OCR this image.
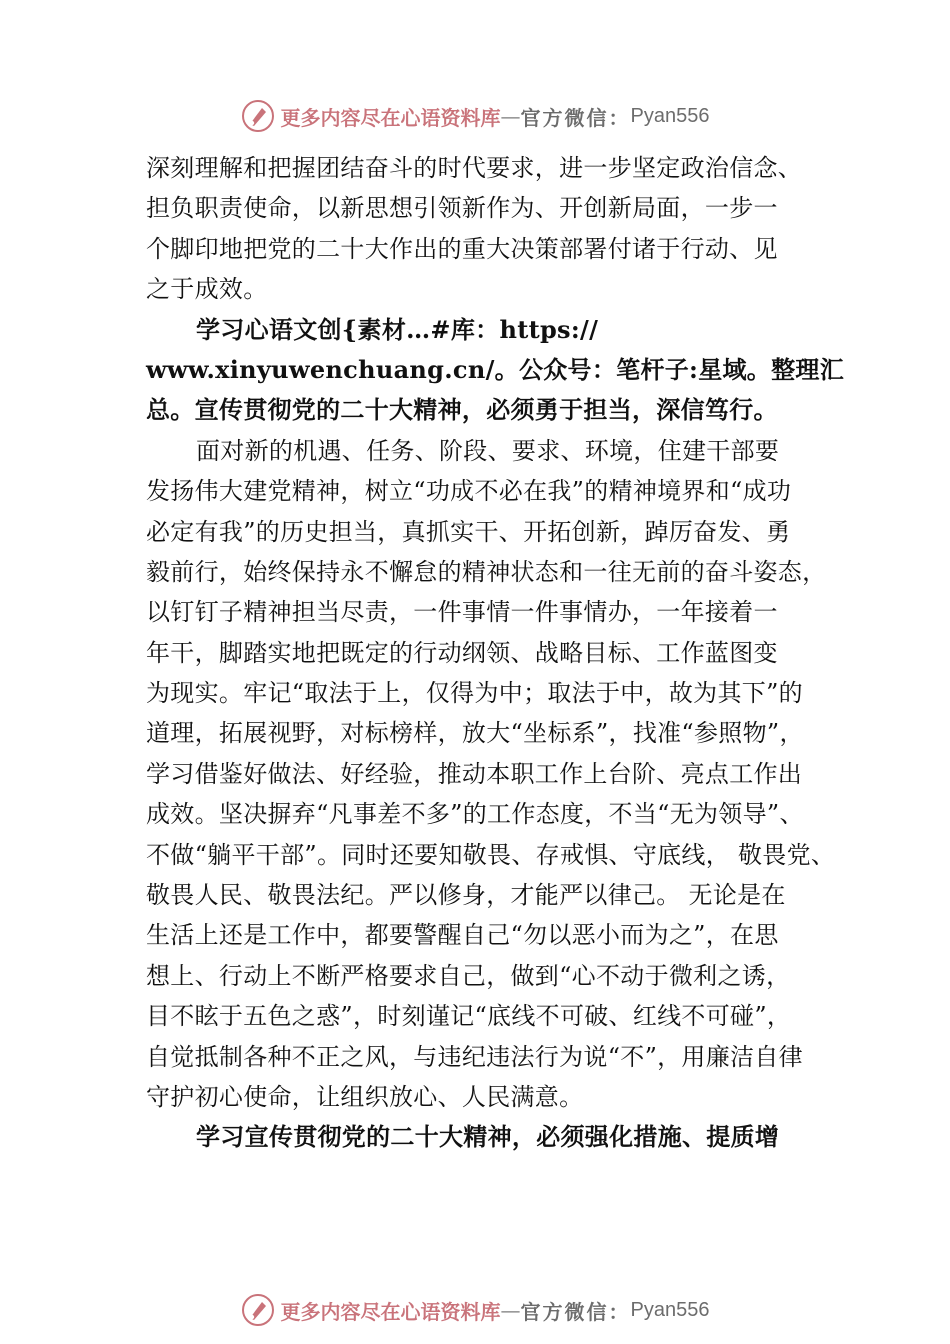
更多内容尽在心语资料库 — 官方微信： Pyan556
深刻理解和把握团结奋斗的时代要求，进一步坚定政治信念、
担负职责使命，以新思想引领新作为、开创新局面，一步一
个脚印地把党的二十大作出的重大决策部署付诸于行动、见
之于成效。
学习心语文创{素材…#库：https://
www.xinyuwenchuang.cn/。公众号：笔杆子:星域。整理汇
总。宣传贯彻党的二十大精神，必须勇于担当，深信笃行。
面对新的机遇、任务、阶段、要求、环境，住建干部要
发扬伟大建党精神，树立“功成不必在我”的精神境界和“成功
必定有我”的历史担当，真抓实干、开拓创新，踔厉奋发、勇
毅前行，始终保持永不懈怠的精神状态和一往无前的奋斗姿态，
以钉钉子精神担当尽责，一件事情一件事情办，一年接着一
年干，脚踏实地把既定的行动纲领、战略目标、工作蓝图变
为现实。牢记“取法于上，仅得为中；取法于中，故为其下”的
道理，拓展视野，对标榜样，放大“坐标系”，找准“参照物”，
学习借鉴好做法、好经验，推动本职工作上台阶、亮点工作出
成效。坚决摒弃“凡事差不多”的工作态度，不当“无为领导”、
不做“躺平干部”。同时还要知敬畏、存戒惧、守底线， 敬畏党、
敬畏人民、敬畏法纪。严以修身，才能严以律己。 无论是在
生活上还是工作中，都要警醒自己“勿以恶小而为之”，在思
想上、行动上不断严格要求自己，做到“心不动于微利之诱，
目不眩于五色之惑”，时刻谨记“底线不可破、红线不可碰”，
自觉抵制各种不正之风，与违纪违法行为说“不”，用廉洁自律
守护初心使命，让组织放心、人民满意。
学习宣传贯彻党的二十大精神，必须强化措施、提质增
更多内容尽在心语资料库 — 官方微信： Pyan556
